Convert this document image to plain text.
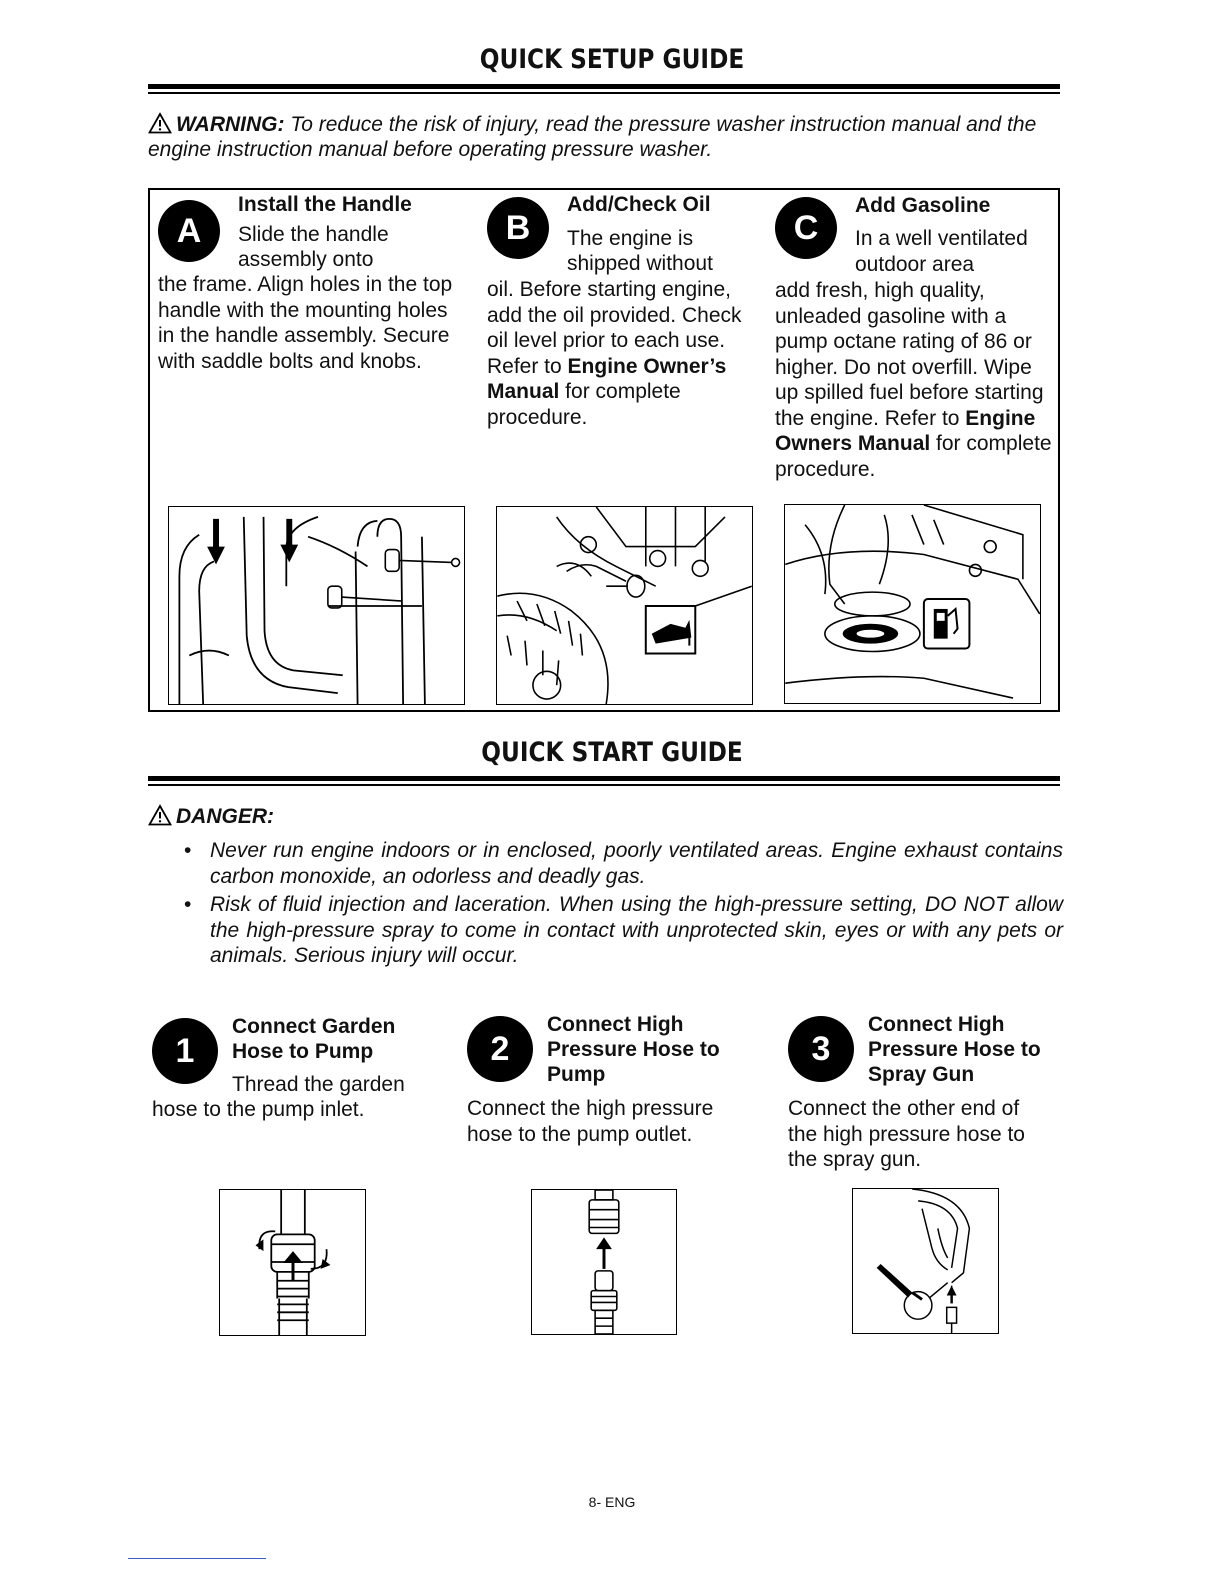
QUICK SETUP GUIDE
WARNING: To reduce the risk of injury, read the pressure washer instruction manual and the engine instruction manual before operating pressure washer.
A
Install the Handle
Slide the handle
assembly onto
the frame. Align holes in the top handle with the mounting holes in the handle assembly. Secure with saddle bolts and knobs.
B
Add/Check Oil
The engine is
shipped without
oil. Before starting engine, add the oil provided. Check oil level prior to each use. Refer to Engine Owner’s Manual for complete procedure.
C
Add Gasoline
In a well ventilated
outdoor area
add fresh, high quality, unleaded gasoline with a pump octane rating of 86 or higher. Do not overfill. Wipe up spilled fuel before starting the engine. Refer to Engine Owners Manual for complete procedure.
QUICK START GUIDE
DANGER:
• Never run engine indoors or in enclosed, poorly ventilated areas. Engine exhaust contains carbon monoxide, an odorless and deadly gas.
• Risk of fluid injection and laceration. When using the high-pressure setting, DO NOT allow the high-pressure spray to come in contact with unprotected skin, eyes or with any pets or animals. Serious injury will occur.
1
Connect Garden
Hose to Pump
Thread the garden
hose to the pump inlet.
2
Connect High
Pressure Hose to
Pump
Connect the high pressure hose to the pump outlet.
3
Connect High
Pressure Hose to
Spray Gun
Connect the other end of the high pressure hose to the spray gun.
8- ENG
